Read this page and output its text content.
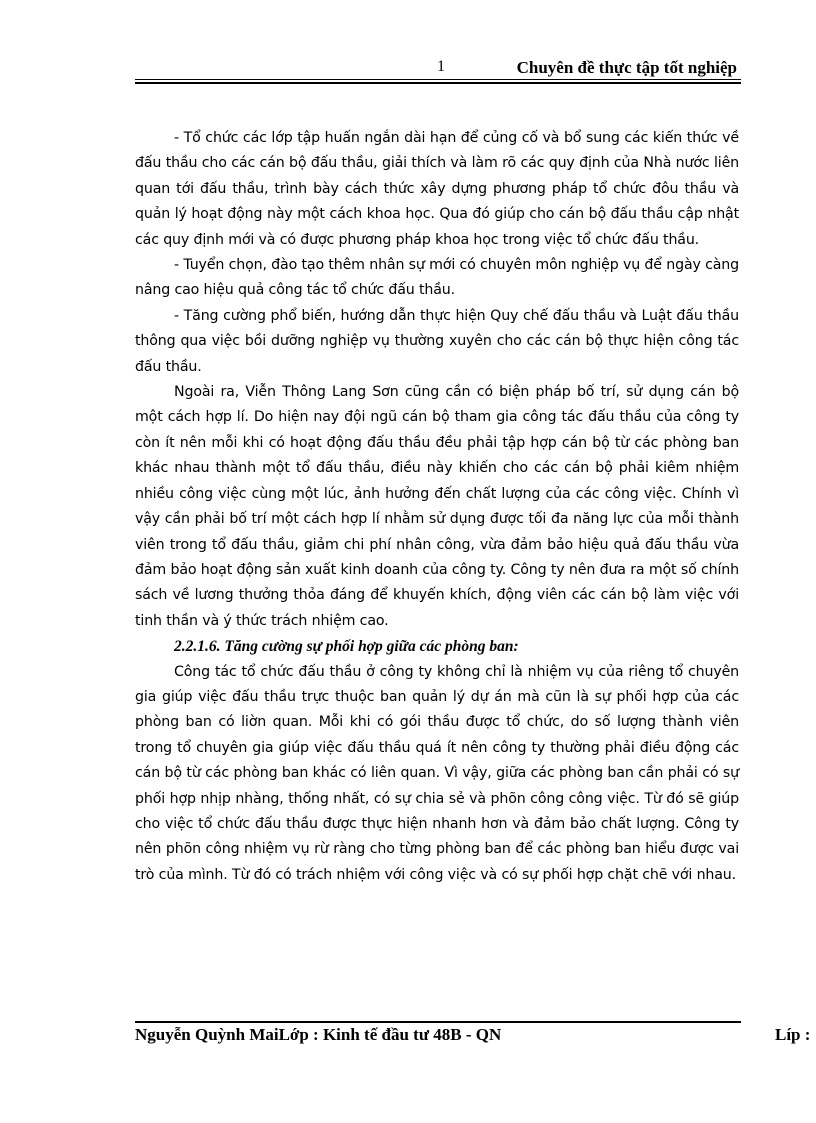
1	Chuyên đề thực tập tốt nghiệp

- Tổ chức các lớp tập huấn ngắn dài hạn để củng cố và bổ sung các kiến thức về đấu thầu cho các cán bộ đấu thầu, giải thích và làm rõ các quy định của Nhà nước liên quan tới đấu thầu, trình bày cách thức xây dựng phương pháp tổ chức đôu thầu và quản lý hoạt động này một cách khoa học. Qua đó giúp cho cán bộ đấu thầu cập nhật các quy định mới và có được phương pháp khoa học trong việc tổ chức đấu thầu.

- Tuyển chọn, đào tạo thêm nhân sự mới có chuyên môn nghiệp vụ để ngày càng nâng cao hiệu quả công tác tổ chức đấu thầu.

- Tăng cường phổ biến, hướng dẫn thực hiện Quy chế đấu thầu và Luật đấu thầu thông qua việc bồi dưỡng nghiệp vụ thường xuyên cho các cán bộ thực hiện công tác đấu thầu.

Ngoài ra, Viễn Thông Lang Sơn cũng cần có biện pháp bố trí, sử dụng cán bộ một cách hợp lí. Do hiện nay đội ngũ cán bộ tham gia công tác đấu thầu của công ty còn ít nên mỗi khi có hoạt động đấu thầu đều phải tập hợp cán bộ từ các phòng ban khác nhau thành một tổ đấu thầu, điều này khiến cho các cán bộ phải kiêm nhiệm nhiều công việc cùng một lúc, ảnh hưởng đến chất lượng của các công việc. Chính vì vậy cần phải bố trí một cách hợp lí nhằm sử dụng được tối đa năng lực của mỗi thành viên trong tổ đấu thầu, giảm chi phí nhân công, vừa đảm bảo hiệu quả đấu thầu vừa đảm bảo hoạt động sản xuất kinh doanh của công ty. Công ty nên đưa ra một số chính sách về lương thưởng thỏa đáng để khuyến khích, động viên các cán bộ làm việc với tinh thần và ý thức trách nhiệm cao.

2.2.1.6. Tăng cường sự phối hợp giữa các phòng ban:

Công tác tổ chức đấu thầu ở công ty không chỉ là nhiệm vụ của riêng tổ chuyên gia giúp việc đấu thầu trực thuộc ban quản lý dự án mà cũn là sự phối hợp của các phòng ban có liờn quan. Mỗi khi có gói thầu được tổ chức, do số lượng thành viên trong tổ chuyên gia giúp việc đấu thầu quá ít nên công ty thường phải điều động các cán bộ từ các phòng ban khác có liên quan. Vì vậy, giữa các phòng ban cần phải có sự phối hợp nhịp nhàng, thống nhất, có sự chia sẻ và phõn công công việc. Từ đó sẽ giúp cho việc tổ chức đấu thầu được thực hiện nhanh hơn và đảm bảo chất lượng. Công ty nên phõn công nhiệm vụ rừ ràng cho từng phòng ban để các phòng ban hiểu được vai trò của mình. Từ đó có trách nhiệm với công việc và có sự phối hợp chặt chẽ với nhau.

Nguyễn Quỳnh MaiLớp : Kinh tế đầu tư 48B - QN	Líp :
